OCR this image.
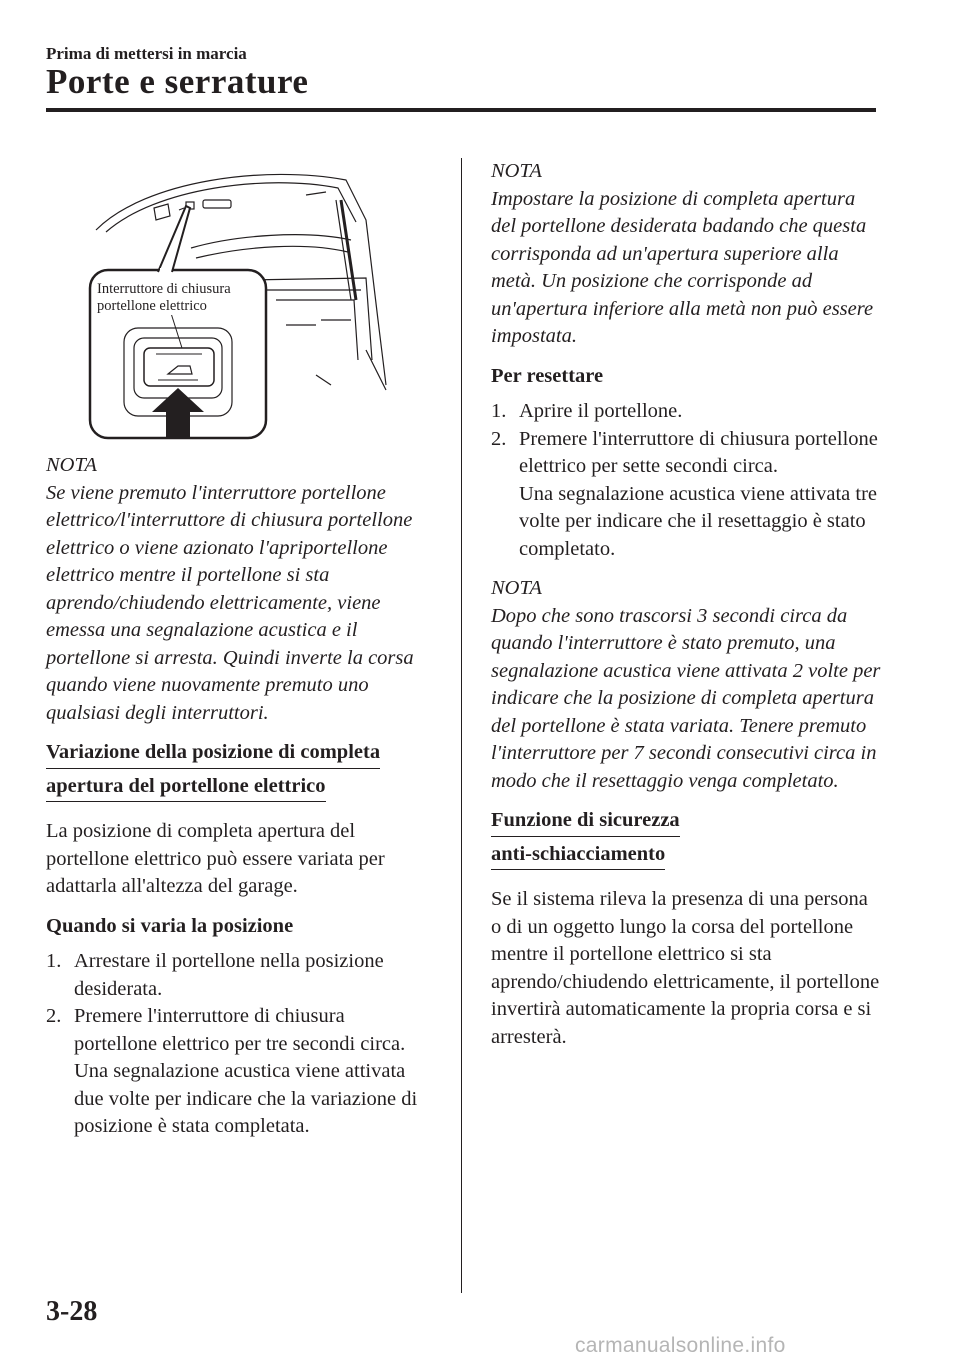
Prima di mettersi in marcia
Porte e serrature
Interruttore di chiusura
portellone elettrico

NOTA

Se viene premuto l'interruttore portellone elettrico/l'interruttore di chiusura portellone elettrico o viene azionato l'apriportellone elettrico mentre il portellone si sta aprendo/chiudendo elettricamente, viene emessa una segnalazione acustica e il portellone si arresta. Quindi inverte la corsa quando viene nuovamente premuto uno qualsiasi degli interruttori.

Variazione della posizione di completa
apertura del portellone elettrico

La posizione di completa apertura del portellone elettrico può essere variata per adattarla all'altezza del garage.

Quando si varia la posizione

1. Arrestare il portellone nella posizione desiderata.
2. Premere l'interruttore di chiusura portellone elettrico per tre secondi circa.
Una segnalazione acustica viene attivata due volte per indicare che la variazione di posizione è stata completata.

NOTA

Impostare la posizione di completa apertura del portellone desiderata badando che questa corrisponda ad un'apertura superiore alla metà. Un posizione che corrisponde ad un'apertura inferiore alla metà non può essere impostata.

Per resettare

1. Aprire il portellone.
2. Premere l'interruttore di chiusura portellone elettrico per sette secondi circa.
Una segnalazione acustica viene attivata tre volte per indicare che il resettaggio è stato completato.

NOTA

Dopo che sono trascorsi 3 secondi circa da quando l'interruttore è stato premuto, una segnalazione acustica viene attivata 2 volte per indicare che la posizione di completa apertura del portellone è stata variata. Tenere premuto l'interruttore per 7 secondi consecutivi circa in modo che il resettaggio venga completato.

Funzione di sicurezza
anti-schiacciamento

Se il sistema rileva la presenza di una persona o di un oggetto lungo la corsa del portellone mentre il portellone elettrico si sta aprendo/chiudendo elettricamente, il portellone invertirà automaticamente la propria corsa e si arresterà.

3-28
carmanualsonline.info
